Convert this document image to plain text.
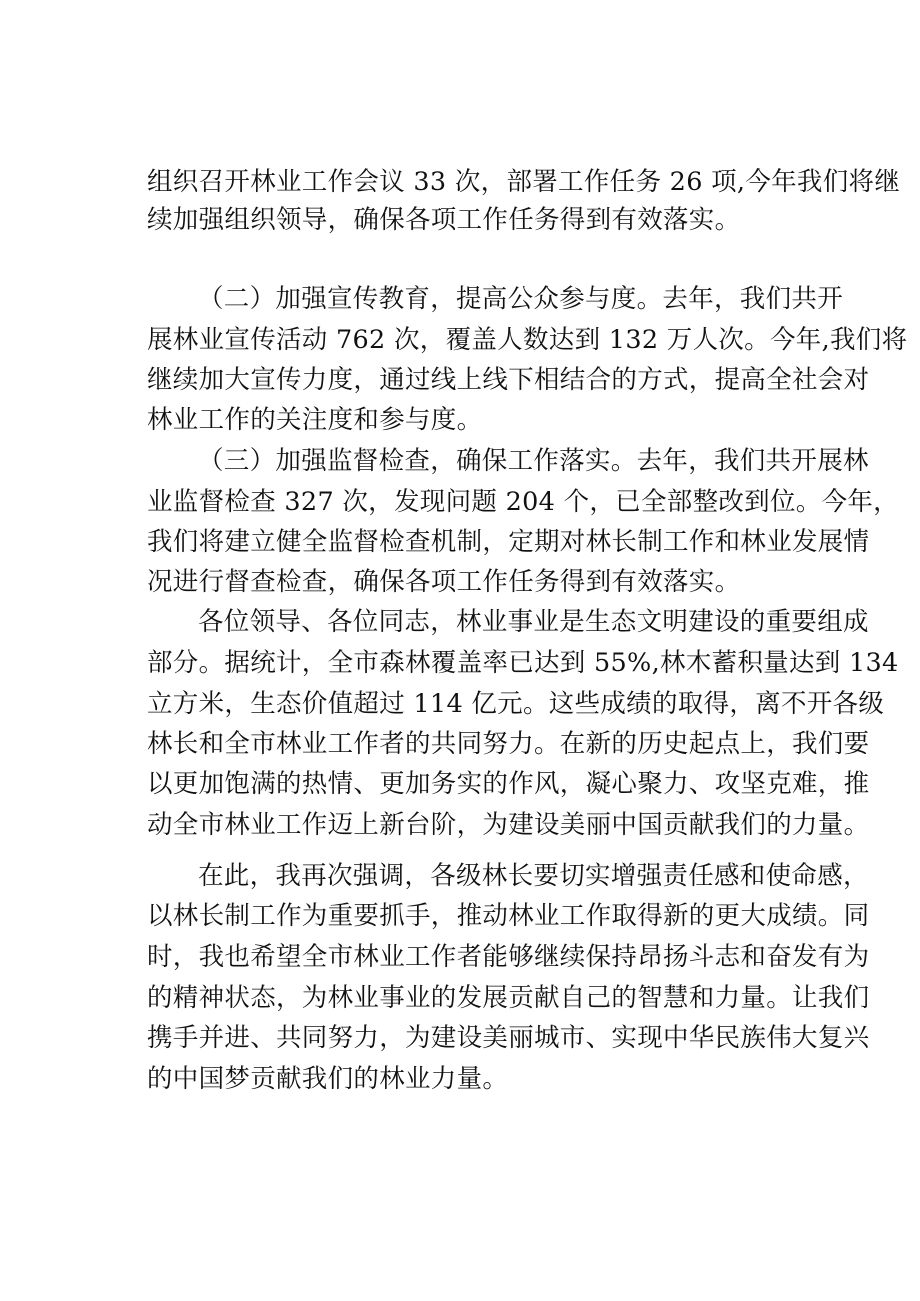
组织召开林业工作会议 33 次，部署工作任务 26 项,今年我们将继
续加强组织领导，确保各项工作任务得到有效落实。
（二）加强宣传教育，提高公众参与度。去年，我们共开
展林业宣传活动 762 次，覆盖人数达到 132 万人次。今年,我们将
继续加大宣传力度，通过线上线下相结合的方式，提高全社会对
林业工作的关注度和参与度。
（三）加强监督检查，确保工作落实。去年，我们共开展林
业监督检查 327 次，发现问题 204 个，已全部整改到位。今年，
我们将建立健全监督检查机制，定期对林长制工作和林业发展情
况进行督查检查，确保各项工作任务得到有效落实。
各位领导、各位同志，林业事业是生态文明建设的重要组成
部分。据统计，全市森林覆盖率已达到 55%,林木蓄积量达到 134
立方米，生态价值超过 114 亿元。这些成绩的取得，离不开各级
林长和全市林业工作者的共同努力。在新的历史起点上，我们要
以更加饱满的热情、更加务实的作风，凝心聚力、攻坚克难，推
动全市林业工作迈上新台阶，为建设美丽中国贡献我们的力量。
在此，我再次强调，各级林长要切实增强责任感和使命感，
以林长制工作为重要抓手，推动林业工作取得新的更大成绩。同
时，我也希望全市林业工作者能够继续保持昂扬斗志和奋发有为
的精神状态，为林业事业的发展贡献自己的智慧和力量。让我们
携手并进、共同努力，为建设美丽城市、实现中华民族伟大复兴
的中国梦贡献我们的林业力量。
